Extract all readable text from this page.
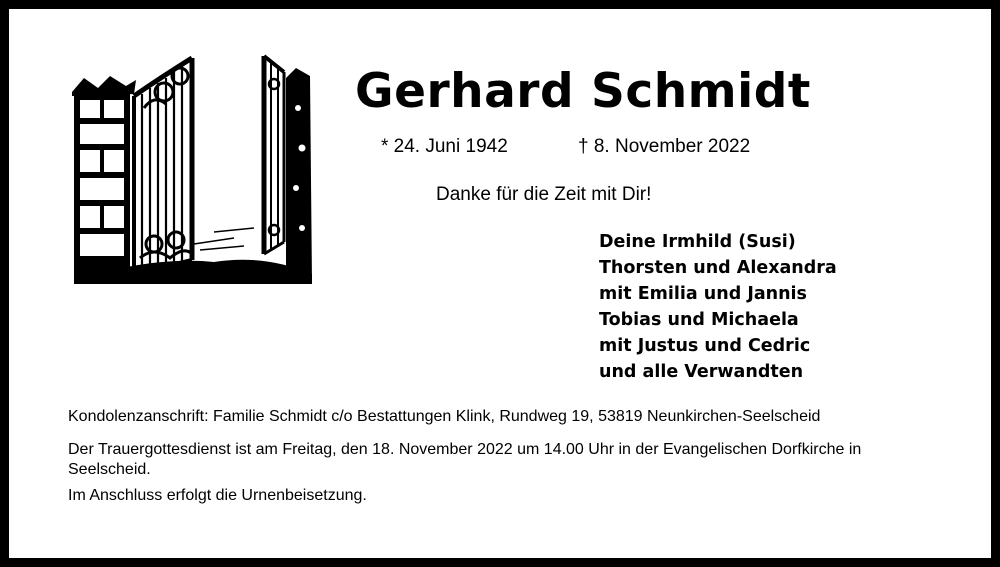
Gerhard Schmidt
* 24. Juni 1942	† 8. November 2022
Danke für die Zeit mit Dir!
Deine Irmhild (Susi)
Thorsten und Alexandra
mit Emilia und Jannis
Tobias und Michaela
mit Justus und Cedric
und alle Verwandten
Kondolenzanschrift: Familie Schmidt c/o Bestattungen Klink, Rundweg 19, 53819 Neunkirchen-Seelscheid
Der Trauergottesdienst ist am Freitag, den 18. November 2022 um 14.00 Uhr in der Evangelischen Dorfkirche in Seelscheid.
Im Anschluss erfolgt die Urnenbeisetzung.
